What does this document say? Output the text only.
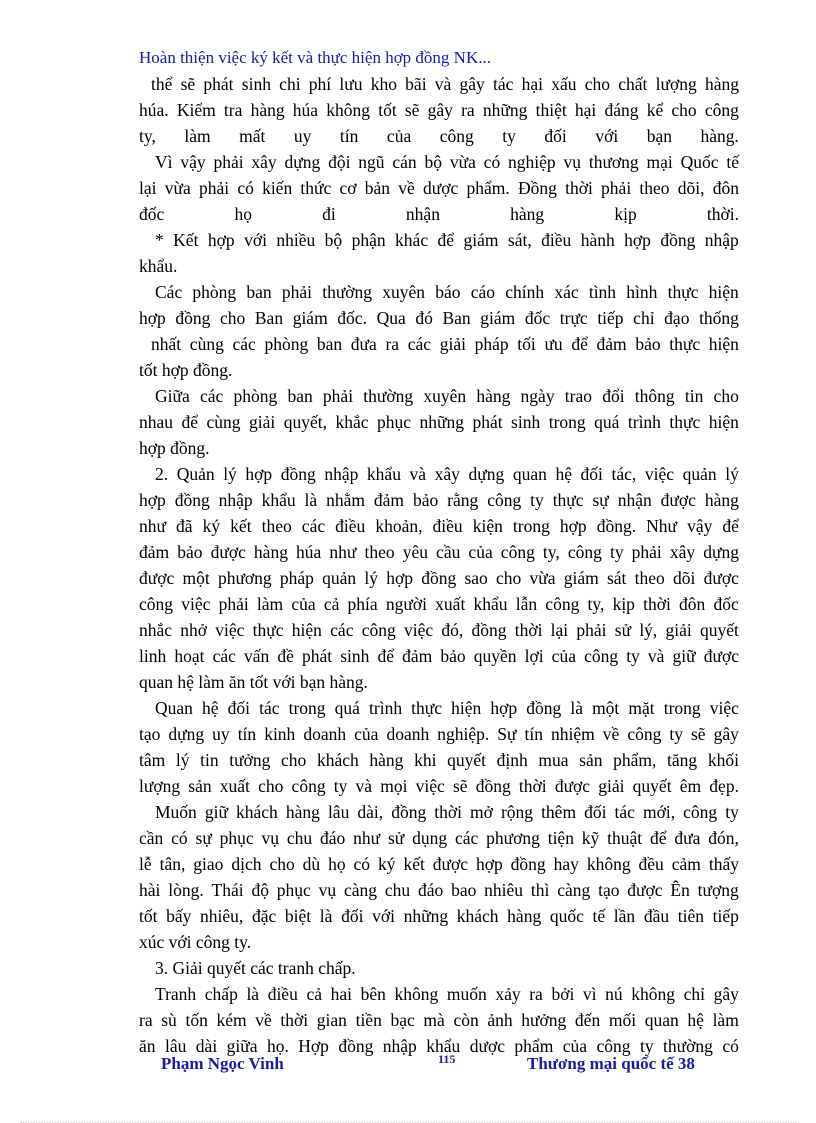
Hoàn thiện việc ký kết và thực hiện hợp đồng NK...
thể sẽ phát sinh chi phí lưu kho bãi và gây tác hại xấu cho chất lượng hàng
húa. Kiểm tra hàng húa không tốt sẽ gây ra những thiệt hại đáng kể cho công
ty, làm mất uy tín của công ty đối với bạn hàng.
Vì vậy phải xây dựng đội ngũ cán bộ vừa có nghiệp vụ thương mại Quốc tế
lại vừa phải có kiến thức cơ bản về dược phẩm. Đồng thời phải theo dõi, đôn
đốc	họ	đi	nhận	hàng	kịp	thời.
* Kết hợp với nhiều bộ phận khác để giám sát, điều hành hợp đồng nhập
khẩu.
Các phòng ban phải thường xuyên báo cáo chính xác tình hình thực hiện
hợp đồng cho Ban giám đốc. Qua đó Ban giám đốc trực tiếp chỉ đạo thống
nhất cùng các phòng ban đưa ra các giải pháp tối ưu để đảm bảo thực hiện
tốt hợp đồng.
Giữa các phòng ban phải thường xuyên hàng ngày trao đổi thông tin cho
nhau để cùng giải quyết, khắc phục những phát sinh trong quá trình thực hiện
hợp đồng.
2. Quản lý hợp đồng nhập khẩu và xây dựng quan hệ đối tác, việc quản lý
hợp đồng nhập khẩu là nhằm đảm bảo rằng công ty thực sự nhận được hàng
như đã ký kết theo các điều khoản, điều kiện trong hợp đồng. Như vậy để
đảm bảo được hàng húa như theo yêu cầu của công ty, công ty phải xây dựng
được một phương pháp quản lý hợp đồng sao cho vừa giám sát theo dõi được
công việc phải làm của cả phía người xuất khẩu lẫn công ty, kịp thời đôn đốc
nhắc nhở việc thực hiện các công việc đó, đồng thời lại phải sử lý, giải quyết
linh hoạt các vấn đề phát sinh để đảm bảo quyền lợi của công ty và giữ được
quan hệ làm ăn tốt với bạn hàng.
Quan hệ đối tác trong quá trình thực hiện hợp đồng là một mặt trong việc
tạo dựng uy tín kinh doanh của doanh nghiệp. Sự tín nhiệm về công ty sẽ gây
tâm lý tin tưởng cho khách hàng khi quyết định mua sản phẩm, tăng khối
lượng sản xuất cho công ty và mọi việc sẽ đồng thời được giải quyết êm đẹp.
Muốn giữ khách hàng lâu dài, đồng thời mở rộng thêm đối tác mới, công ty
cần có sự phục vụ chu đáo như sử dụng các phương tiện kỹ thuật để đưa đón,
lễ tân, giao dịch cho dù họ có ký kết được hợp đồng hay không đều cảm thấy
hài lòng. Thái độ phục vụ càng chu đáo bao nhiêu thì càng tạo được Ên tượng
tốt bấy nhiêu, đặc biệt là đối với những khách hàng quốc tế lần đầu tiên tiếp
xúc với công ty.
3. Giải quyết các tranh chấp.
Tranh chấp là điều cả hai bên không muốn xảy ra bởi vì nú không chỉ gây
ra sù tốn kém về thời gian tiền bạc mà còn ảnh hưởng đến mối quan hệ làm
ăn lâu dài giữa họ. Hợp đồng nhập khẩu dược phẩm của công ty thường có
Phạm Ngọc Vinh	115	Thương mại quốc tế 38
